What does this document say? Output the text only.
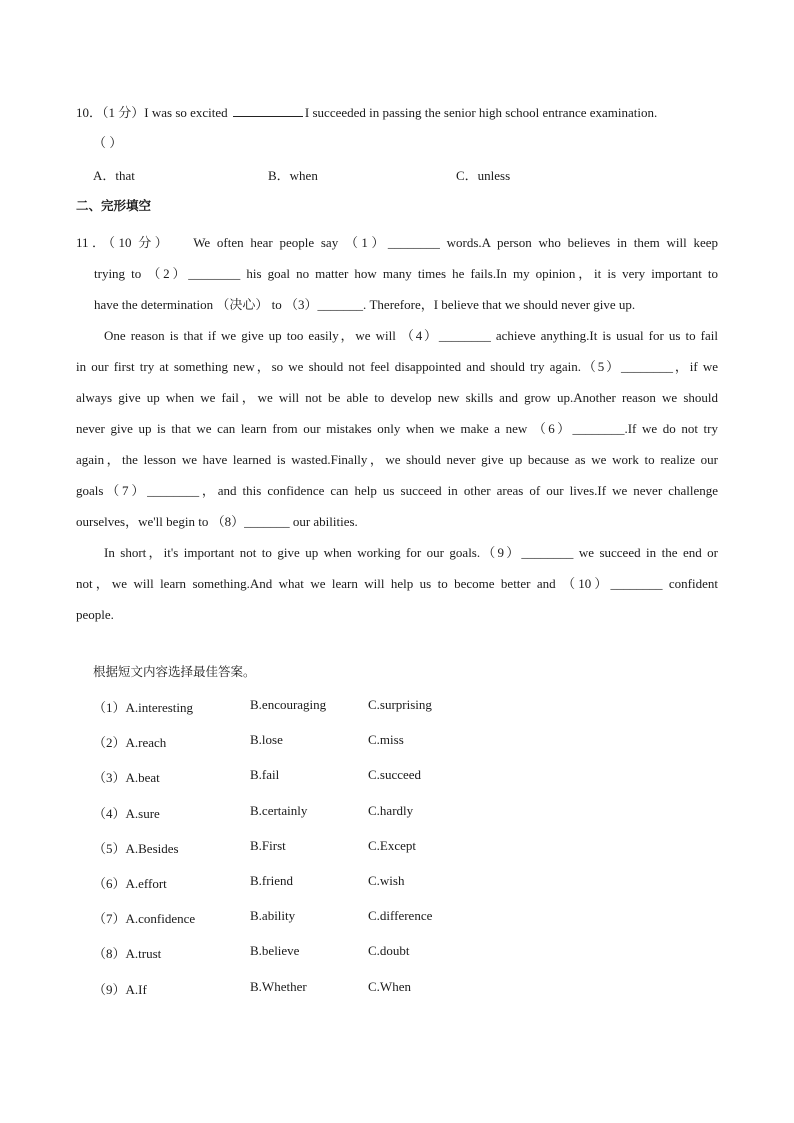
10．（1 分）I was so excited	I succeeded in passing the senior high school entrance examination.
（ ）
A．that	B．when	C．unless
二、完形填空

11．（10 分） We often hear people say （1）________ words.A person who believes in them will keep

trying to （2）________ his goal no matter how many times he fails.In my opinion，it is very important to

have the determination （决心） to （3）_______. Therefore，I believe that we should never give up.

One reason is that if we give up too easily，we will （4）________ achieve anything.It is usual for us to fail

in our first try at something new，so we should not feel disappointed and should try again.（5）________，if we

always give up when we fail，we will not be able to develop new skills and grow up.Another reason we should

never give up is that we can learn from our mistakes only when we make a new （6）________.If we do not try

again，the lesson we have learned is wasted.Finally，we should never give up because as we work to realize our

goals（7）________，and this confidence can help us succeed in other areas of our lives.If we never challenge

ourselves，we'll begin to （8）_______ our abilities.

In short，it's important not to give up when working for our goals.（9）________ we succeed in the end or

not，we will learn something.And what we learn will help us to become better and （10）________ confident

people.

根据短文内容选择最佳答案。
（1）A.interesting	B.encouraging	C.surprising
（2）A.reach	B.lose	C.miss
（3）A.beat	B.fail	C.succeed
（4）A.sure	B.certainly	C.hardly
（5）A.Besides	B.First	C.Except
（6）A.effort	B.friend	C.wish
（7）A.confidence	B.ability	C.difference
（8）A.trust	B.believe	C.doubt
（9）A.If	B.Whether	C.When
